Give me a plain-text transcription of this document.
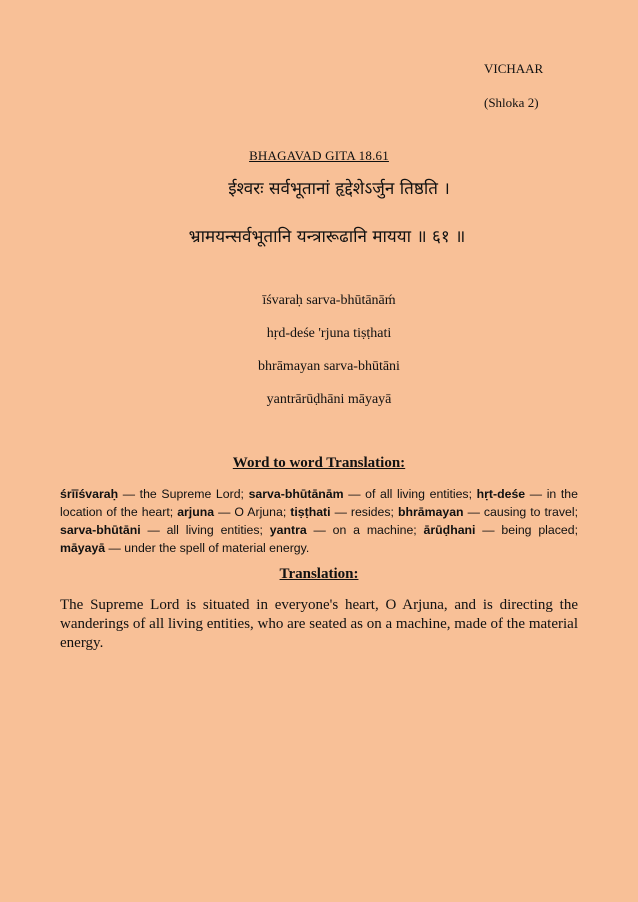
VICHAAR
(Shloka 2)
BHAGAVAD GITA 18.61
ईश्वरः सर्वभूतानां हृद्देशेऽर्जुन तिष्ठति ।
भ्रामयन्सर्वभूतानि यन्त्रारूढानि मायया ॥ ६१ ॥
īśvaraḥ sarva-bhūtānāḿ
hṛd-deśe 'rjuna tiṣṭhati
bhrāmayan sarva-bhūtāni
yantrārūḍhāni māyayā
Word to word Translation:

śrīīśvaraḥ — the Supreme Lord; sarva-bhūtānām — of all living entities; hṛt-deśe — in the location of the heart; arjuna — O Arjuna; tiṣṭhati — resides; bhrāmayan — causing to travel; sarva-bhūtāni — all living entities; yantra — on a machine; ārūḍhani — being placed; māyayā — under the spell of material energy.

Translation:

The Supreme Lord is situated in everyone's heart, O Arjuna, and is directing the wanderings of all living entities, who are seated as on a machine, made of the material energy.
